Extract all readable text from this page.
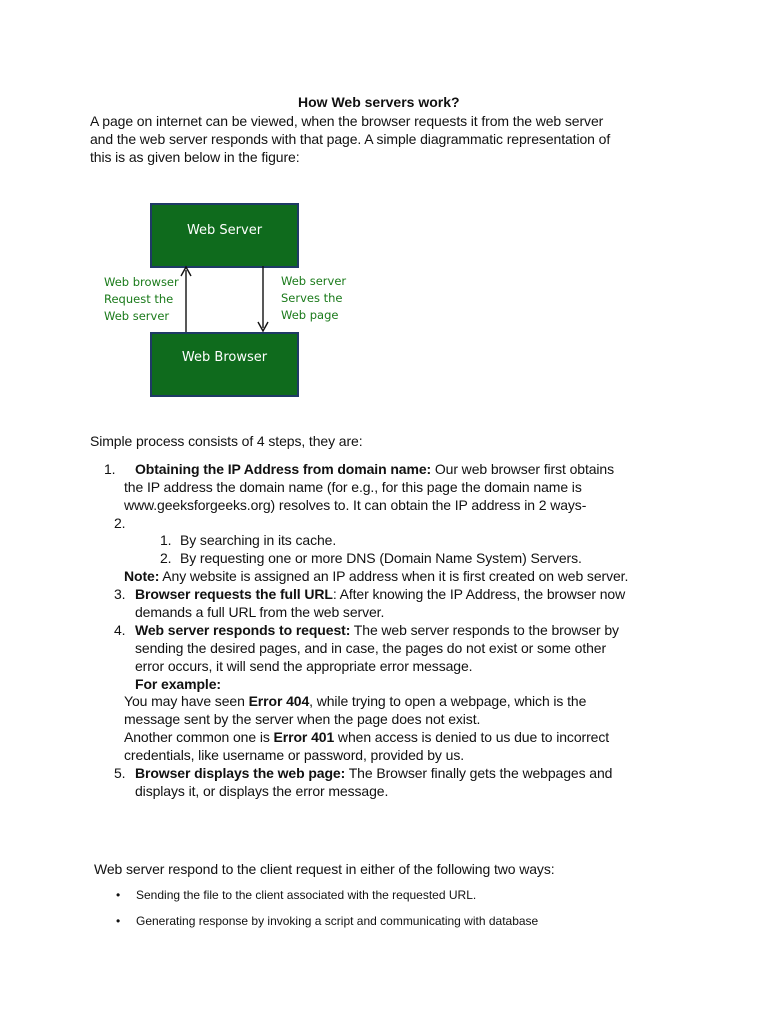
How Web servers work?
A page on internet can be viewed, when the browser requests it from the web server
and the web server responds with that page. A simple diagrammatic representation of
this is as given below in the figure:
Web Server
Web Browser
Web browser
Request the
Web server
Web server
Serves the
Web page
Simple process consists of 4 steps, they are:
1. Obtaining the IP Address from domain name: Our web browser first obtains
the IP address the domain name (for e.g., for this page the domain name is
www.geeksforgeeks.org) resolves to. It can obtain the IP address in 2 ways-
2.
1. By searching in its cache.
2. By requesting one or more DNS (Domain Name System) Servers.
Note: Any website is assigned an IP address when it is first created on web server.
3. Browser requests the full URL: After knowing the IP Address, the browser now
demands a full URL from the web server.
4. Web server responds to request: The web server responds to the browser by
sending the desired pages, and in case, the pages do not exist or some other
error occurs, it will send the appropriate error message.
For example:
You may have seen Error 404, while trying to open a webpage, which is the
message sent by the server when the page does not exist.
Another common one is Error 401 when access is denied to us due to incorrect
credentials, like username or password, provided by us.
5. Browser displays the web page: The Browser finally gets the webpages and
displays it, or displays the error message.
Web server respond to the client request in either of the following two ways:
• Sending the file to the client associated with the requested URL.
• Generating response by invoking a script and communicating with database
